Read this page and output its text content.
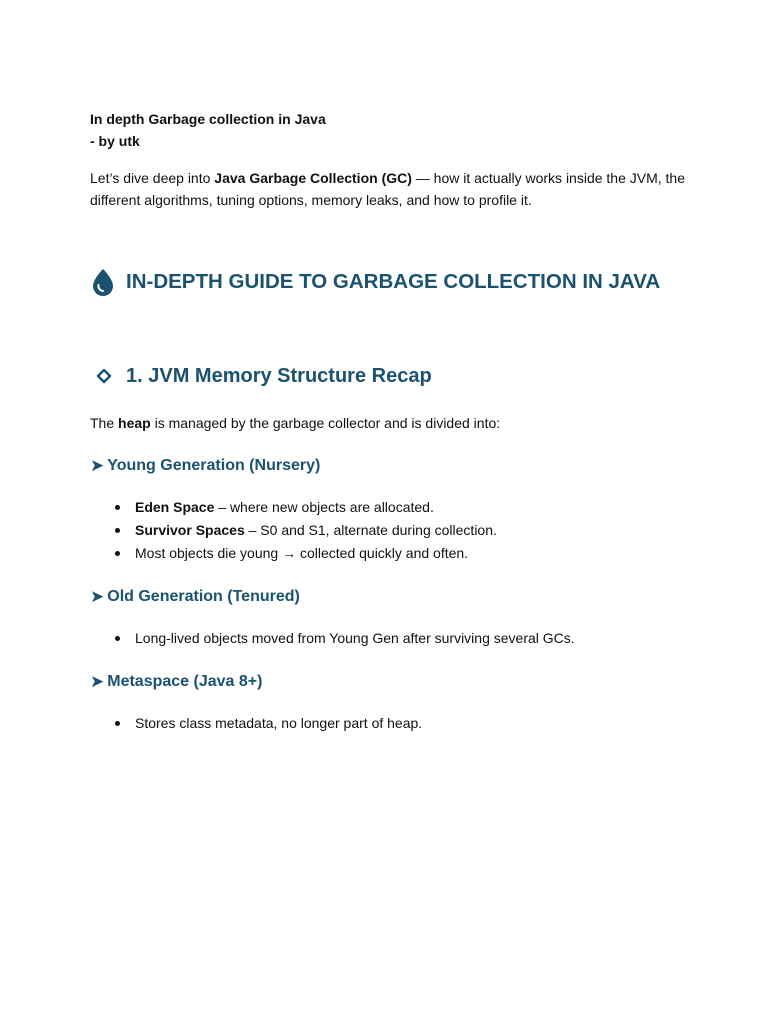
In depth Garbage collection in Java
- by utk
Let’s dive deep into Java Garbage Collection (GC) — how it actually works inside the JVM, the different algorithms, tuning options, memory leaks, and how to profile it.
IN-DEPTH GUIDE TO GARBAGE COLLECTION IN JAVA
1. JVM Memory Structure Recap
The heap is managed by the garbage collector and is divided into:
➤ Young Generation (Nursery)
Eden Space – where new objects are allocated.
Survivor Spaces – S0 and S1, alternate during collection.
Most objects die young → collected quickly and often.
➤ Old Generation (Tenured)
Long-lived objects moved from Young Gen after surviving several GCs.
➤ Metaspace (Java 8+)
Stores class metadata, no longer part of heap.
